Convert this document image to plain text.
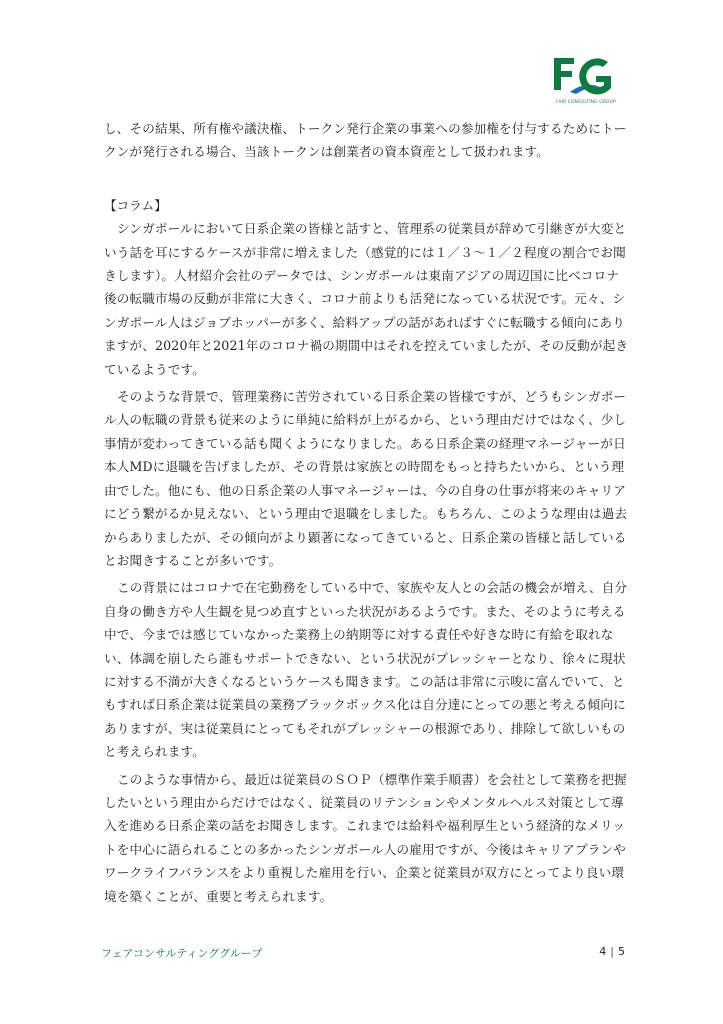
FAIR CONSULTING GROUP

し、その結果、所有権や議決権、トークン発行企業の事業への参加権を付与するためにトークンが発行される場合、当該トークンは創業者の資本資産として扱われます。

【コラム】

シンガポールにおいて日系企業の皆様と話すと、管理系の従業員が辞めて引継ぎが大変という話を耳にするケースが非常に増えました（感覚的には１／３～１／２程度の割合でお聞きします）。人材紹介会社のデータでは、シンガポールは東南アジアの周辺国に比べコロナ後の転職市場の反動が非常に大きく、コロナ前よりも活発になっている状況です。元々、シンガポール人はジョブホッパーが多く、給料アップの話があればすぐに転職する傾向にありますが、2020年と2021年のコロナ禍の期間中はそれを控えていましたが、その反動が起きているようです。

そのような背景で、管理業務に苦労されている日系企業の皆様ですが、どうもシンガポール人の転職の背景も従来のように単純に給料が上がるから、という理由だけではなく、少し事情が変わってきている話も聞くようになりました。ある日系企業の経理マネージャーが日本人MDに退職を告げましたが、その背景は家族との時間をもっと持ちたいから、という理由でした。他にも、他の日系企業の人事マネージャーは、今の自身の仕事が将来のキャリアにどう繋がるか見えない、という理由で退職をしました。もちろん、このような理由は過去からありましたが、その傾向がより顕著になってきていると、日系企業の皆様と話しているとお聞きすることが多いです。

この背景にはコロナで在宅勤務をしている中で、家族や友人との会話の機会が増え、自分自身の働き方や人生観を見つめ直すといった状況があるようです。また、そのように考える中で、今までは感じていなかった業務上の納期等に対する責任や好きな時に有給を取れない、体調を崩したら誰もサポートできない、という状況がプレッシャーとなり、徐々に現状に対する不満が大きくなるというケースも聞きます。この話は非常に示唆に富んでいて、ともすれば日系企業は従業員の業務ブラックボックス化は自分達にとっての悪と考える傾向にありますが、実は従業員にとってもそれがプレッシャーの根源であり、排除して欲しいものと考えられます。

このような事情から、最近は従業員のＳＯＰ（標準作業手順書）を会社として業務を把握したいという理由からだけではなく、従業員のリテンションやメンタルヘルス対策として導入を進める日系企業の話をお聞きします。これまでは給料や福利厚生という経済的なメリットを中心に語られることの多かったシンガポール人の雇用ですが、今後はキャリアプランやワークライフバランスをより重視した雇用を行い、企業と従業員が双方にとってより良い環境を築くことが、重要と考えられます。

フェアコンサルティンググループ	4 | 5
